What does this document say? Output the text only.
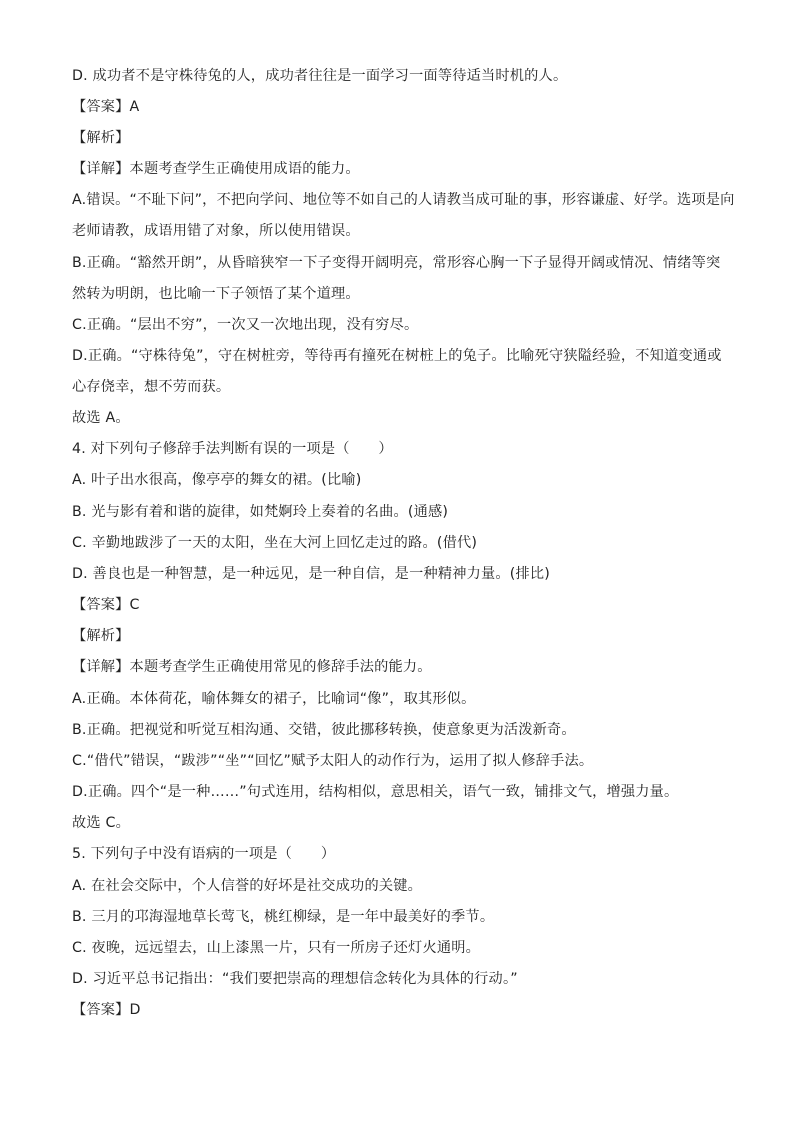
D. 成功者不是守株待兔的人，成功者往往是一面学习一面等待适当时机的人。
【答案】A
【解析】
【详解】本题考查学生正确使用成语的能力。
A.错误。“不耻下问”，不把向学问、地位等不如自己的人请教当成可耻的事，形容谦虚、好学。选项是向
老师请教，成语用错了对象，所以使用错误。
B.正确。“豁然开朗”，从昏暗狭窄一下子变得开阔明亮，常形容心胸一下子显得开阔或情况、情绪等突
然转为明朗，也比喻一下子领悟了某个道理。
C.正确。“层出不穷”，一次又一次地出现，没有穷尽。
D.正确。“守株待兔”，守在树桩旁，等待再有撞死在树桩上的兔子。比喻死守狭隘经验，不知道变通或
心存侥幸，想不劳而获。
故选 A。
4. 对下列句子修辞手法判断有误的一项是（　　）
A. 叶子出水很高，像亭亭的舞女的裙。(比喻)
B. 光与影有着和谐的旋律，如梵婀玲上奏着的名曲。(通感)
C. 辛勤地跋涉了一天的太阳，坐在大河上回忆走过的路。(借代)
D. 善良也是一种智慧，是一种远见，是一种自信，是一种精神力量。(排比)
【答案】C
【解析】
【详解】本题考查学生正确使用常见的修辞手法的能力。
A.正确。本体荷花，喻体舞女的裙子，比喻词“像”，取其形似。
B.正确。把视觉和听觉互相沟通、交错，彼此挪移转换，使意象更为活泼新奇。
C.“借代”错误，“跋涉”“坐”“回忆”赋予太阳人的动作行为，运用了拟人修辞手法。
D.正确。四个“是一种……”句式连用，结构相似，意思相关，语气一致，铺排文气，增强力量。
故选 C。
5. 下列句子中没有语病的一项是（　　）
A. 在社会交际中，个人信誉的好坏是社交成功的关键。
B. 三月的邛海湿地草长莺飞，桃红柳绿，是一年中最美好的季节。
C. 夜晚，远远望去，山上漆黑一片，只有一所房子还灯火通明。
D. 习近平总书记指出：“我们要把崇高的理想信念转化为具体的行动。”
【答案】D
